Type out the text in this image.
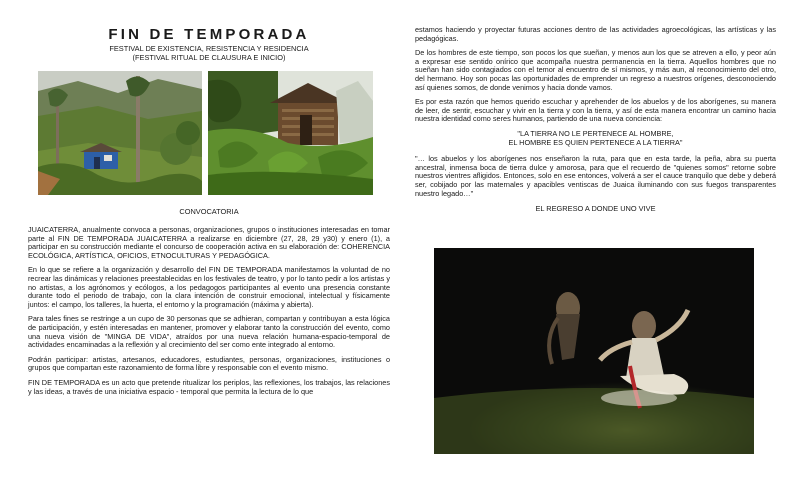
FIN DE TEMPORADA
FESTIVAL DE EXISTENCIA, RESISTENCIA Y RESIDENCIA
(FESTIVAL RITUAL DE CLAUSURA E INICIO)
CONVOCATORIA

JUAICATERRA, anualmente convoca a personas, organizaciones, grupos o instituciones interesadas en tomar parte al FIN DE TEMPORADA JUAICATERRA a realizarse en diciembre (27, 28, 29 y30) y enero (1), a participar en su construcción mediante el concurso de cooperación activa en su elaboración de: COHERENCIA ECOLÓGICA, ARTÍSTICA, OFICIOS, ETNOCULTURAS Y PEDAGÓGICA.

En lo que se refiere a la organización y desarrollo del FIN DE TEMPORADA manifestamos la voluntad de no recrear las dinámicas y relaciones preestablecidas en los festivales de teatro, y por lo tanto pedir a los artistas y no artistas, a los agrónomos y ecólogos, a los pedagogos participantes al evento una presencia constante durante todo el periodo de trabajo, con la clara intención de construir emocional, intelectual y físicamente juntos: el campo, los talleres, la huerta, el entorno y la programación (máxima y abierta).

Para tales fines se restringe a un cupo de 30 personas que se adhieran, compartan y contribuyan a esta lógica de participación, y estén interesadas en mantener, promover y elaborar tanto la construcción del evento, como una nueva visión de "MINGA DE VIDA", atraídos por una nueva relación humana-espacio-temporal de actividades encaminadas a la reflexión y al crecimiento del ser como ente integrado al entorno.

Podrán participar: artistas, artesanos, educadores, estudiantes, personas, organizaciones, instituciones o grupos que compartan este razonamiento de forma libre y responsable con el evento mismo.

FIN DE TEMPORADA es un acto que pretende ritualizar los periplos, las reflexiones, los trabajos, las relaciones y las ideas, a través de una iniciativa espacio - temporal que permita la lectura de lo que

estamos haciendo y proyectar futuras acciones dentro de las actividades agroecológicas, las artísticas y las pedagógicas.

De los hombres de este tiempo, son pocos los que sueñan, y menos aun los que se atreven a ello, y peor aún a expresar ese sentido onírico que acompaña nuestra permanencia en la tierra. Aquellos hombres que no sueñan han sido contagiados con el temor al encuentro de sí mismos, y más aun, al reconocimiento del otro, del hermano. Hoy son pocas las oportunidades de emprender un regreso a nuestros orígenes, desconociendo así quienes somos, de donde venimos y hacia donde vamos.

Es por esta razón que hemos querido escuchar y aprehender de los abuelos y de los aborígenes, su manera de leer, de sentir, escuchar y vivir en la tierra y con la tierra, y así de esta manera encontrar un camino hacia nuestra identidad como seres humanos, partiendo de una nueva conciencia:

"LA TIERRA NO LE PERTENECE AL HOMBRE,
EL HOMBRE ES QUIEN PERTENECE A LA TIERRA"

"… los abuelos y los aborígenes nos enseñaron la ruta, para que en esta tarde, la peña, abra su puerta ancestral, inmensa boca de tierra dulce y amorosa, para que el recuerdo de "quienes somos" retorne sobre nuestros vientres afligidos. Entonces, solo en ese entonces, volverá a ser el cauce tranquilo que debe y deberá ser, cobijado por las maternales y apacibles ventiscas de Juaica iluminando con sus fuegos transparentes nuestro legado…"

EL REGRESO A DONDE UNO VIVE
